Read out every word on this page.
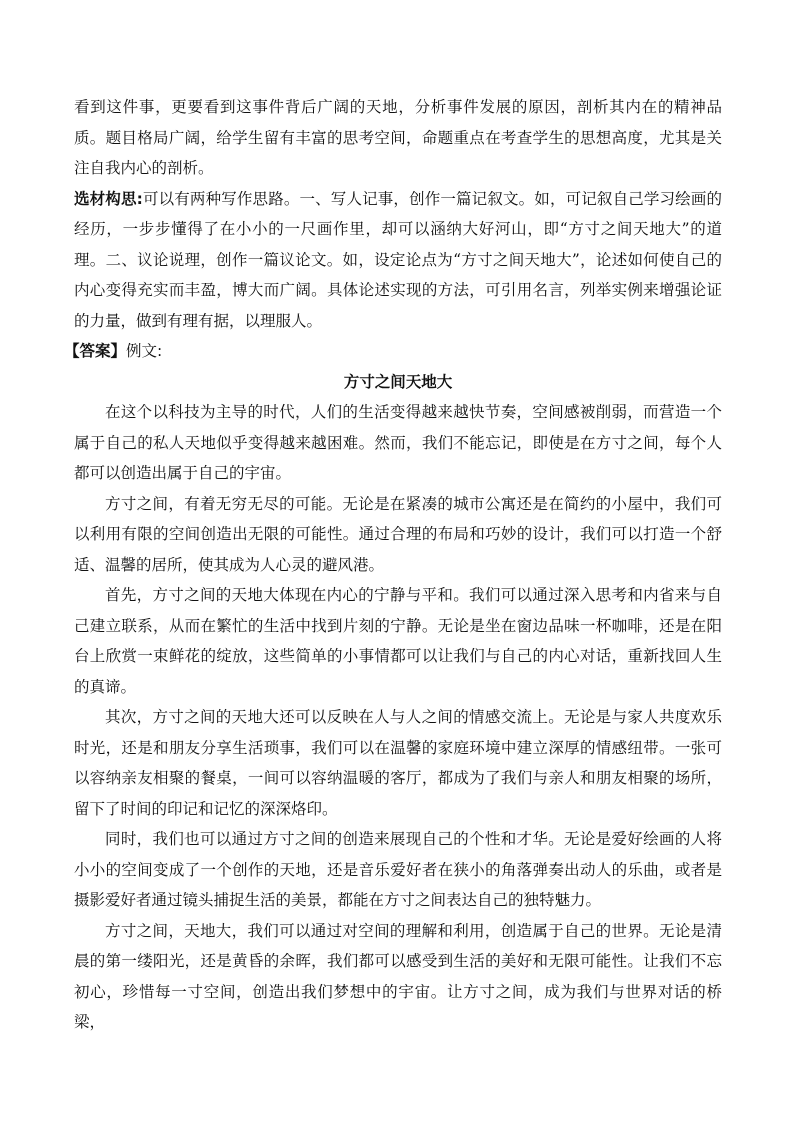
看到这件事，更要看到这事件背后广阔的天地，分析事件发展的原因，剖析其内在的精神品质。题目格局广阔，给学生留有丰富的思考空间，命题重点在考查学生的思想高度，尤其是关注自我内心的剖析。

选材构思:可以有两种写作思路。一、写人记事，创作一篇记叙文。如，可记叙自己学习绘画的经历，一步步懂得了在小小的一尺画作里，却可以涵纳大好河山，即“方寸之间天地大”的道理。二、议论说理，创作一篇议论文。如，设定论点为“方寸之间天地大”，论述如何使自己的内心变得充实而丰盈，博大而广阔。具体论述实现的方法，可引用名言，列举实例来增强论证的力量，做到有理有据，以理服人。

【答案】例文:

方寸之间天地大

在这个以科技为主导的时代，人们的生活变得越来越快节奏，空间感被削弱，而营造一个属于自己的私人天地似乎变得越来越困难。然而，我们不能忘记，即使是在方寸之间，每个人都可以创造出属于自己的宇宙。

方寸之间，有着无穷无尽的可能。无论是在紧凑的城市公寓还是在简约的小屋中，我们可以利用有限的空间创造出无限的可能性。通过合理的布局和巧妙的设计，我们可以打造一个舒适、温馨的居所，使其成为人心灵的避风港。

首先，方寸之间的天地大体现在内心的宁静与平和。我们可以通过深入思考和内省来与自己建立联系，从而在繁忙的生活中找到片刻的宁静。无论是坐在窗边品味一杯咖啡，还是在阳台上欣赏一束鲜花的绽放，这些简单的小事情都可以让我们与自己的内心对话，重新找回人生的真谛。

其次，方寸之间的天地大还可以反映在人与人之间的情感交流上。无论是与家人共度欢乐时光，还是和朋友分享生活琐事，我们可以在温馨的家庭环境中建立深厚的情感纽带。一张可以容纳亲友相聚的餐桌，一间可以容纳温暖的客厅，都成为了我们与亲人和朋友相聚的场所，留下了时间的印记和记忆的深深烙印。

同时，我们也可以通过方寸之间的创造来展现自己的个性和才华。无论是爱好绘画的人将小小的空间变成了一个创作的天地，还是音乐爱好者在狭小的角落弹奏出动人的乐曲，或者是摄影爱好者通过镜头捕捉生活的美景，都能在方寸之间表达自己的独特魅力。

方寸之间，天地大，我们可以通过对空间的理解和利用，创造属于自己的世界。无论是清晨的第一缕阳光，还是黄昏的余晖，我们都可以感受到生活的美好和无限可能性。让我们不忘初心，珍惜每一寸空间，创造出我们梦想中的宇宙。让方寸之间，成为我们与世界对话的桥梁，
